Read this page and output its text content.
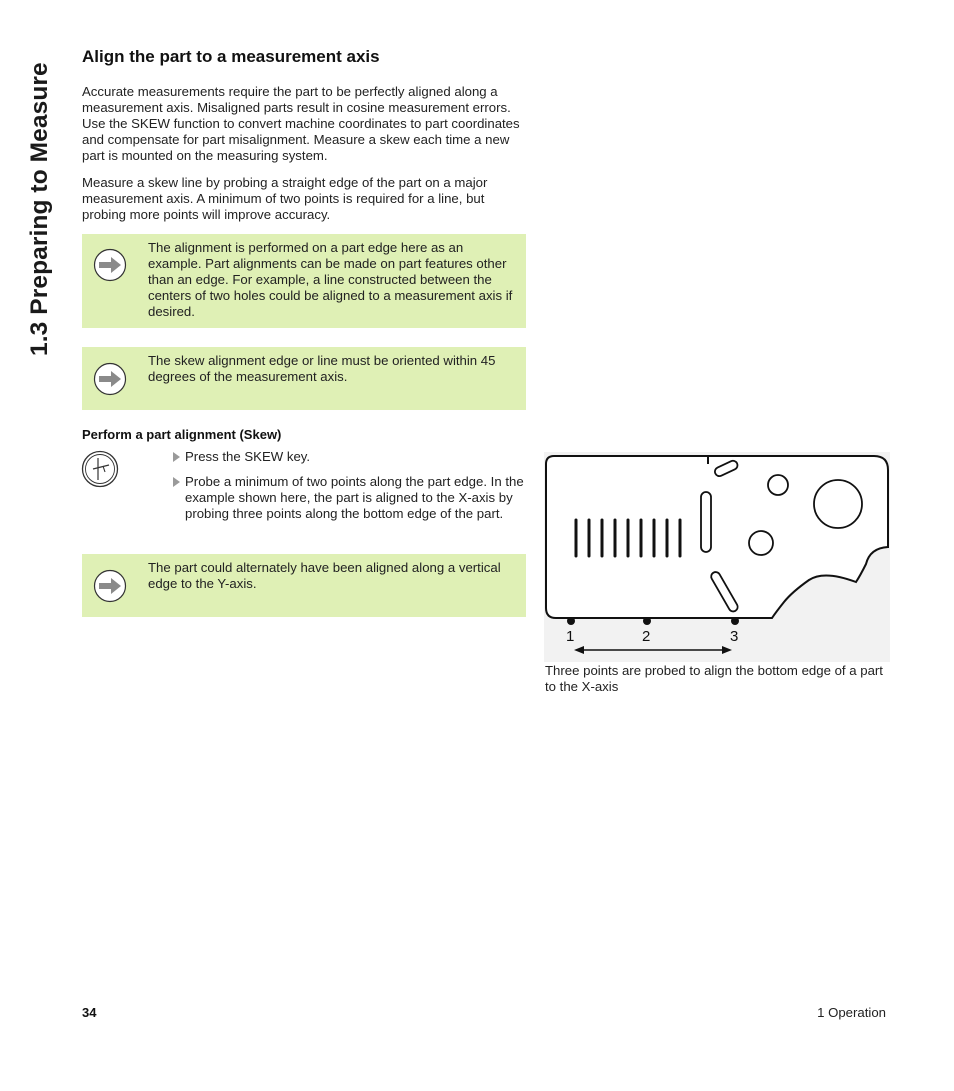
1.3 Preparing to Measure
Align the part to a measurement axis

Accurate measurements require the part to be perfectly aligned along a measurement axis. Misaligned parts result in cosine measurement errors. Use the SKEW function to convert machine coordinates to part coordinates and compensate for part misalignment. Measure a skew each time a new part is mounted on the measuring system.

Measure a skew line by probing a straight edge of the part on a major measurement axis. A minimum of two points is required for a line, but probing more points will improve accuracy.

The alignment is performed on a part edge here as an example. Part alignments can be made on part features other than an edge. For example, a line constructed between the centers of two holes could be aligned to a measurement axis if desired.

The skew alignment edge or line must be oriented within 45 degrees of the measurement axis.

Perform a part alignment (Skew)
Press the SKEW key.
Probe a minimum of two points along the part edge. In the example shown here, the part is aligned to the X-axis by probing three points along the bottom edge of the part.

The part could alternately have been aligned along a vertical edge to the Y-axis.

1	2	3

Three points are probed to align the bottom edge of a part to the X-axis

34	1 Operation
